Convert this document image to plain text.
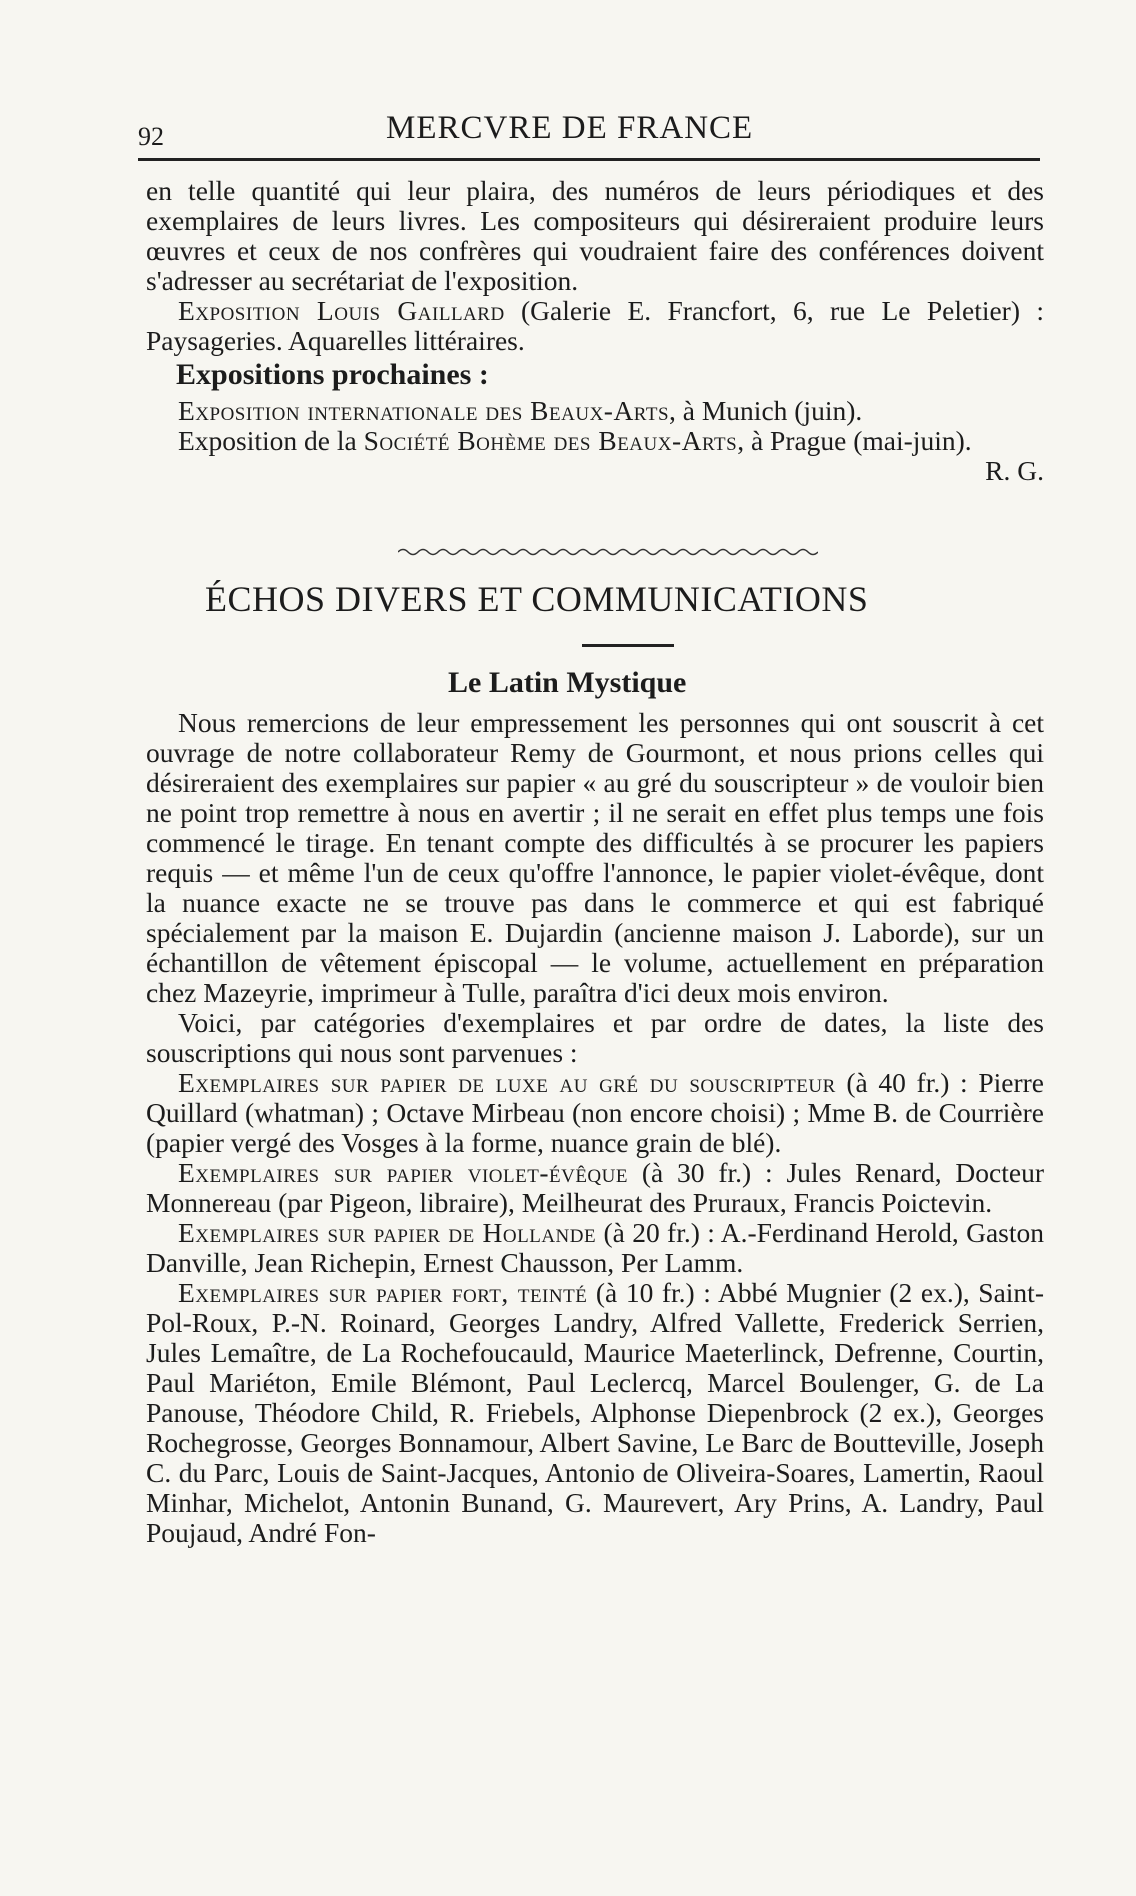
92	MERCVRE DE FRANCE

en telle quantité qui leur plaira, des numéros de leurs périodiques et des exemplaires de leurs livres. Les compositeurs qui désireraient produire leurs œuvres et ceux de nos confrères qui voudraient faire des conférences doivent s'adresser au secrétariat de l'exposition.

Exposition Louis Gaillard (Galerie E. Francfort, 6, rue Le Peletier) : Paysageries. Aquarelles littéraires.

Expositions prochaines :

Exposition internationale des Beaux-Arts, à Munich (juin).

Exposition de la Société Bohème des Beaux-Arts, à Prague (mai-juin).

R. G.

ÉCHOS DIVERS ET COMMUNICATIONS
Le Latin Mystique

Nous remercions de leur empressement les personnes qui ont souscrit à cet ouvrage de notre collaborateur Remy de Gourmont, et nous prions celles qui désireraient des exemplaires sur papier « au gré du souscripteur » de vouloir bien ne point trop remettre à nous en avertir ; il ne serait en effet plus temps une fois commencé le tirage. En tenant compte des difficultés à se procurer les papiers requis — et même l'un de ceux qu'offre l'annonce, le papier violet-évêque, dont la nuance exacte ne se trouve pas dans le commerce et qui est fabriqué spécialement par la maison E. Dujardin (ancienne maison J. Laborde), sur un échantillon de vêtement épiscopal — le volume, actuellement en préparation chez Mazeyrie, imprimeur à Tulle, paraîtra d'ici deux mois environ.

Voici, par catégories d'exemplaires et par ordre de dates, la liste des souscriptions qui nous sont parvenues :

Exemplaires sur papier de luxe au gré du souscripteur (à 40 fr.) : Pierre Quillard (whatman) ; Octave Mirbeau (non encore choisi) ; Mme B. de Courrière (papier vergé des Vosges à la forme, nuance grain de blé).

Exemplaires sur papier violet-évêque (à 30 fr.) : Jules Renard, Docteur Monnereau (par Pigeon, libraire), Meilheurat des Pruraux, Francis Poictevin.

Exemplaires sur papier de Hollande (à 20 fr.) : A.-Ferdinand Herold, Gaston Danville, Jean Richepin, Ernest Chausson, Per Lamm.

Exemplaires sur papier fort, teinté (à 10 fr.) : Abbé Mugnier (2 ex.), Saint-Pol-Roux, P.-N. Roinard, Georges Landry, Alfred Vallette, Frederick Serrien, Jules Lemaître, de La Rochefoucauld, Maurice Maeterlinck, Defrenne, Courtin, Paul Mariéton, Emile Blémont, Paul Leclercq, Marcel Boulenger, G. de La Panouse, Théodore Child, R. Friebels, Alphonse Diepenbrock (2 ex.), Georges Rochegrosse, Georges Bonnamour, Albert Savine, Le Barc de Boutteville, Joseph C. du Parc, Louis de Saint-Jacques, Antonio de Oliveira-Soares, Lamertin, Raoul Minhar, Michelot, Antonin Bunand, G. Maurevert, Ary Prins, A. Landry, Paul Poujaud, André Fon-
